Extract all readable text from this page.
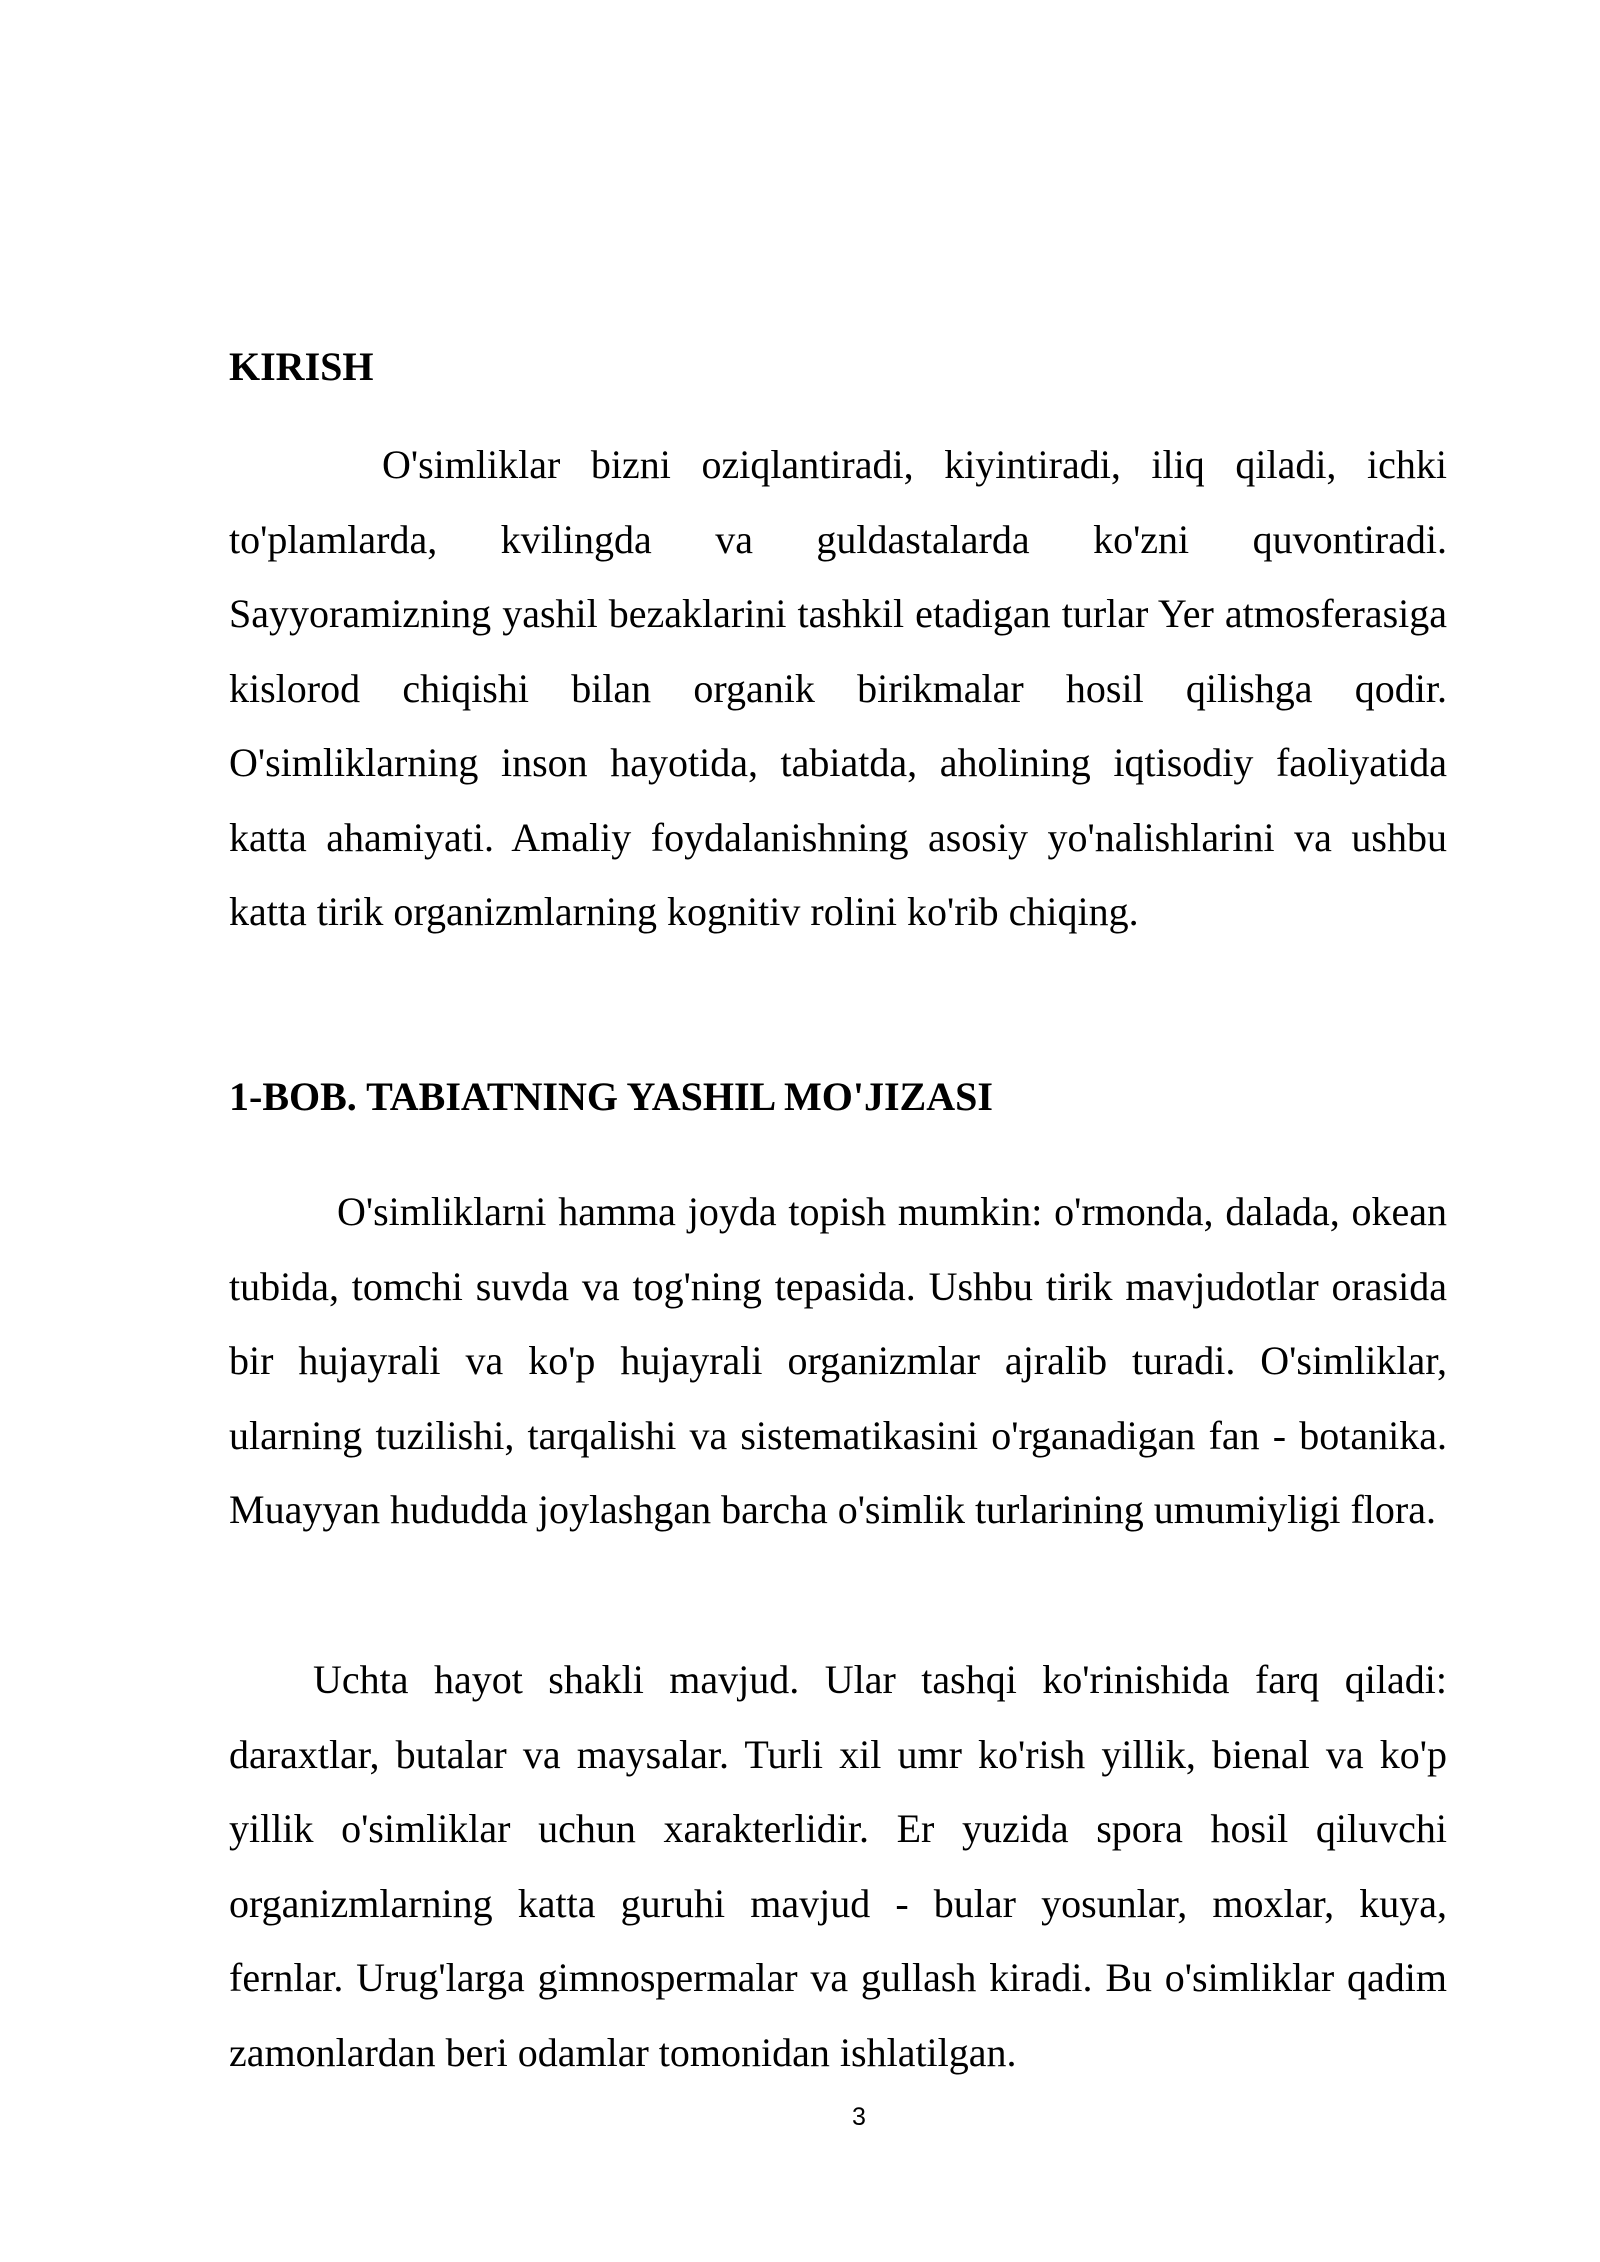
KIRISH

O'simliklar bizni oziqlantiradi, kiyintiradi, iliq qiladi, ichki to'plamlarda, kvilingda va guldastalarda ko'zni quvontiradi. Sayyoramizning yashil bezaklarini tashkil etadigan turlar Yer atmosferasiga kislorod chiqishi bilan organik birikmalar hosil qilishga qodir. O'simliklarning inson hayotida, tabiatda, aholining iqtisodiy faoliyatida katta ahamiyati. Amaliy foydalanishning asosiy yo'nalishlarini va ushbu katta tirik organizmlarning kognitiv rolini ko'rib chiqing.

1-BOB. TABIATNING YASHIL MO'JIZASI

O'simliklarni hamma joyda topish mumkin: o'rmonda, dalada, okean tubida, tomchi suvda va tog'ning tepasida. Ushbu tirik mavjudotlar orasida bir hujayrali va ko'p hujayrali organizmlar ajralib turadi. O'simliklar, ularning tuzilishi, tarqalishi va sistematikasini o'rganadigan fan - botanika. Muayyan hududda joylashgan barcha o'simlik turlarining umumiyligi flora.

Uchta hayot shakli mavjud. Ular tashqi ko'rinishida farq qiladi: daraxtlar, butalar va maysalar. Turli xil umr ko'rish yillik, bienal va ko'p yillik o'simliklar uchun xarakterlidir. Er yuzida spora hosil qiluvchi organizmlarning katta guruhi mavjud - bular yosunlar, moxlar, kuya, fernlar. Urug'larga gimnospermalar va gullash kiradi. Bu o'simliklar qadim zamonlardan beri odamlar tomonidan ishlatilgan.

3
